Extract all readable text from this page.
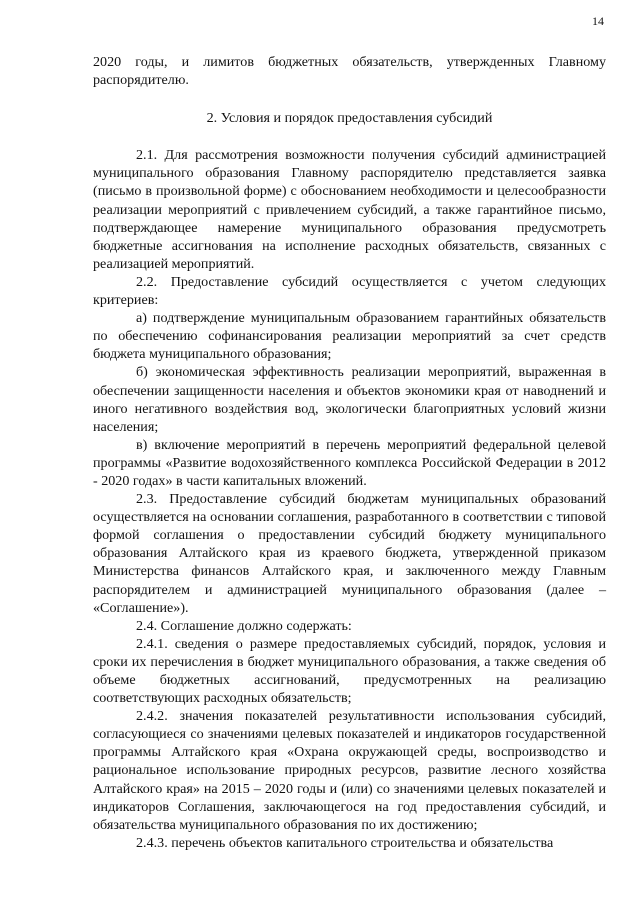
14

2020 годы, и лимитов бюджетных обязательств, утвержденных Главному распорядителю.

2. Условия и порядок предоставления субсидий

2.1. Для рассмотрения возможности получения субсидий администрацией муниципального образования Главному распорядителю представляется заявка (письмо в произвольной форме) с обоснованием необходимости и целесообразности реализации мероприятий с привлечением субсидий, а также гарантийное письмо, подтверждающее намерение муниципального образования предусмотреть бюджетные ассигнования на исполнение расходных обязательств, связанных с реализацией мероприятий.

2.2. Предоставление субсидий осуществляется с учетом следующих критериев:

а) подтверждение муниципальным образованием гарантийных обязательств по обеспечению софинансирования реализации мероприятий за счет средств бюджета муниципального образования;

б) экономическая эффективность реализации мероприятий, выраженная в обеспечении защищенности населения и объектов экономики края от наводнений и иного негативного воздействия вод, экологически благоприятных условий жизни населения;

в) включение мероприятий в перечень мероприятий федеральной целевой программы «Развитие водохозяйственного комплекса Российской Федерации в 2012 - 2020 годах» в части капитальных вложений.

2.3. Предоставление субсидий бюджетам муниципальных образований осуществляется на основании соглашения, разработанного в соответствии с типовой формой соглашения о предоставлении субсидий бюджету муниципального образования Алтайского края из краевого бюджета, утвержденной приказом Министерства финансов Алтайского края, и заключенного между Главным распорядителем и администрацией муниципального образования (далее – «Соглашение»).

2.4. Соглашение должно содержать:

2.4.1. сведения о размере предоставляемых субсидий, порядок, условия и сроки их перечисления в бюджет муниципального образования, а также сведения об объеме бюджетных ассигнований, предусмотренных на реализацию соответствующих расходных обязательств;

2.4.2. значения показателей результативности использования субсидий, согласующиеся со значениями целевых показателей и индикаторов государственной программы Алтайского края «Охрана окружающей среды, воспроизводство и рациональное использование природных ресурсов, развитие лесного хозяйства Алтайского края» на 2015 – 2020 годы и (или) со значениями целевых показателей и индикаторов Соглашения, заключающегося на год предоставления субсидий, и обязательства муниципального образования по их достижению;

2.4.3. перечень объектов капитального строительства и обязательства
